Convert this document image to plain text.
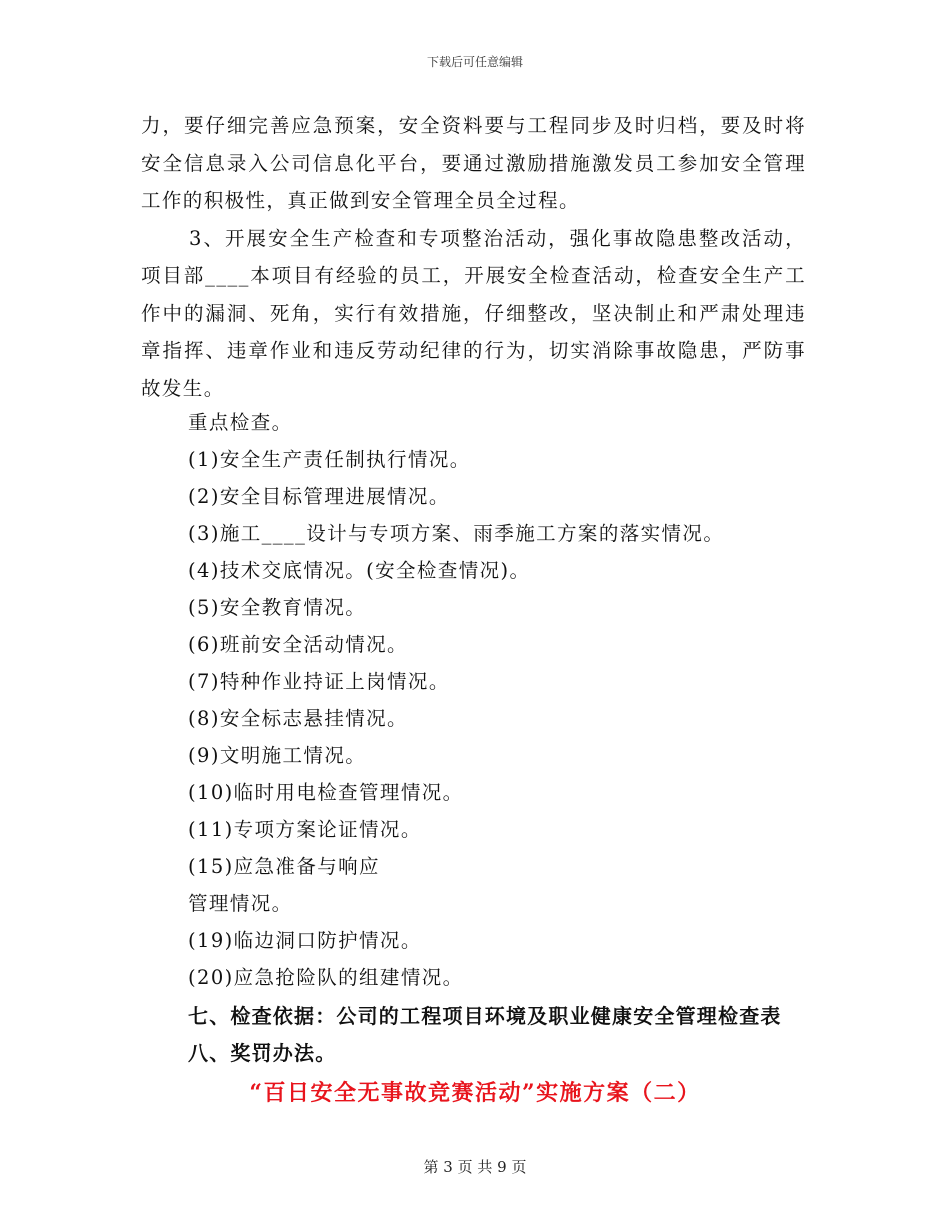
下载后可任意编辑

力，要仔细完善应急预案，安全资料要与工程同步及时归档，要及时将安全信息录入公司信息化平台，要通过激励措施激发员工参加安全管理工作的积极性，真正做到安全管理全员全过程。

3、开展安全生产检查和专项整治活动，强化事故隐患整改活动，项目部____本项目有经验的员工，开展安全检查活动，检查安全生产工作中的漏洞、死角，实行有效措施，仔细整改，坚决制止和严肃处理违章指挥、违章作业和违反劳动纪律的行为，切实消除事故隐患，严防事故发生。

重点检查。
(1)安全生产责任制执行情况。
(2)安全目标管理进展情况。
(3)施工____设计与专项方案、雨季施工方案的落实情况。
(4)技术交底情况。(安全检查情况)。
(5)安全教育情况。
(6)班前安全活动情况。
(7)特种作业持证上岗情况。
(8)安全标志悬挂情况。
(9)文明施工情况。
(10)临时用电检查管理情况。
(11)专项方案论证情况。
(15)应急准备与响应
管理情况。
(19)临边洞口防护情况。
(20)应急抢险队的组建情况。
七、检查依据：公司的工程项目环境及职业健康安全管理检查表
八、奖罚办法。
“百日安全无事故竞赛活动”实施方案（二）
第 3 页 共 9 页
